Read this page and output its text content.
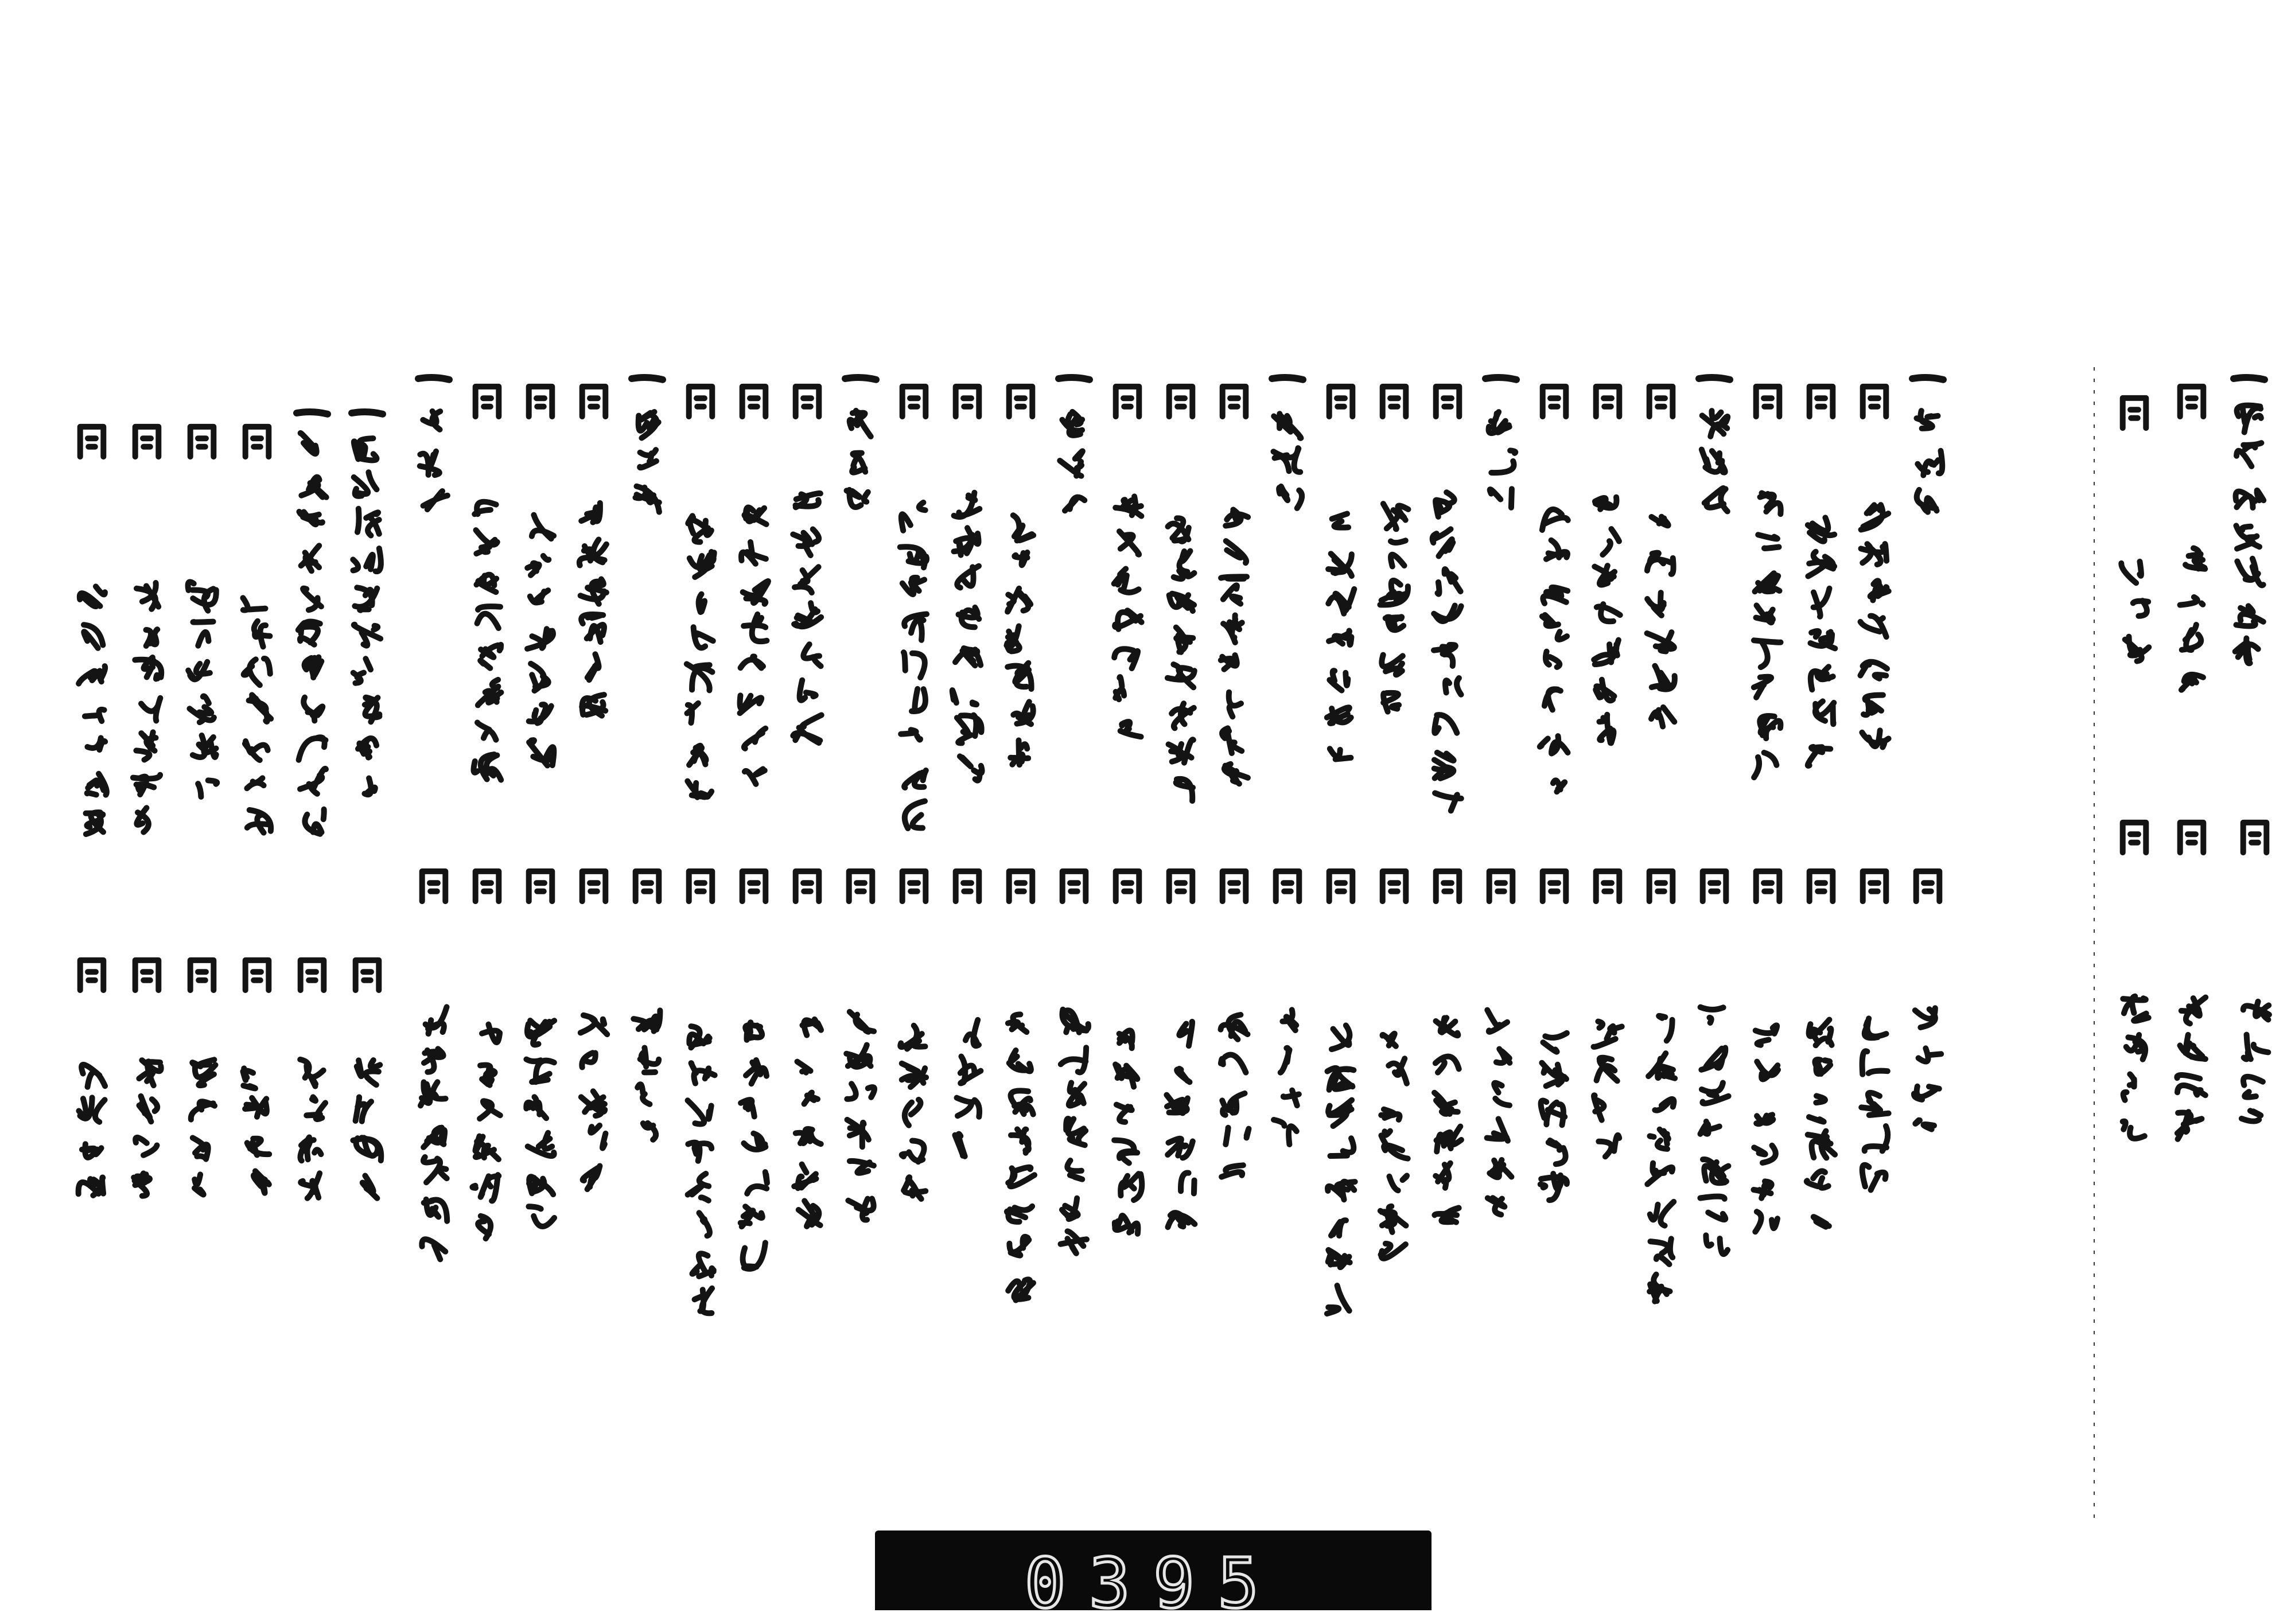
0395
